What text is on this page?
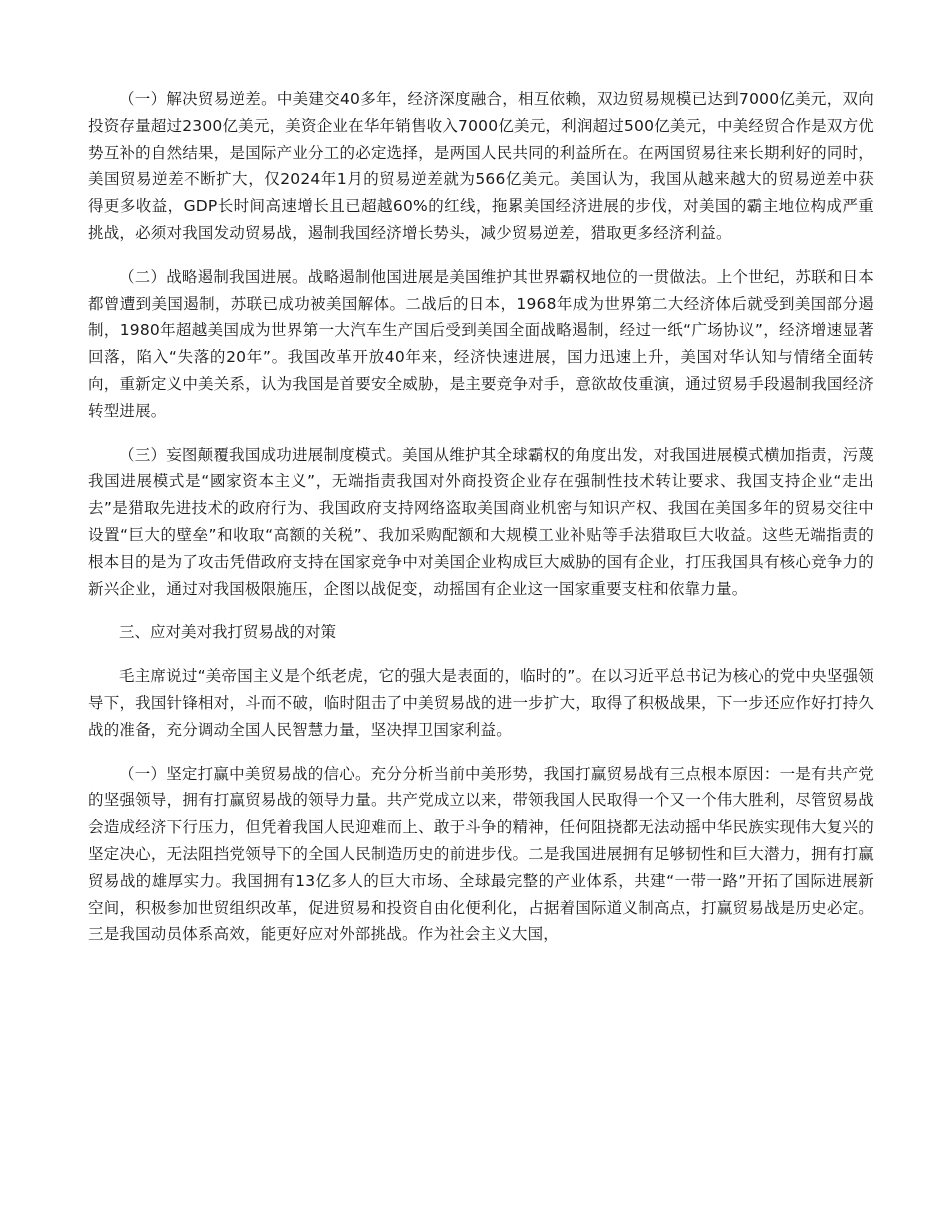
（一）解决贸易逆差。中美建交40多年，经济深度融合，相互依赖，双边贸易规模已达到7000亿美元，双向投资存量超过2300亿美元，美资企业在华年销售收入7000亿美元，利润超过500亿美元，中美经贸合作是双方优势互补的自然结果，是国际产业分工的必定选择，是两国人民共同的利益所在。在两国贸易往来长期利好的同时，美国贸易逆差不断扩大，仅2024年1月的贸易逆差就为566亿美元。美国认为，我国从越来越大的贸易逆差中获得更多收益，GDP长时间高速增长且已超越60%的红线，拖累美国经济进展的步伐，对美国的霸主地位构成严重挑战，必须对我国发动贸易战，遏制我国经济增长势头，减少贸易逆差，猎取更多经济利益。

（二）战略遏制我国进展。战略遏制他国进展是美国维护其世界霸权地位的一贯做法。上个世纪，苏联和日本都曾遭到美国遏制，苏联已成功被美国解体。二战后的日本，1968年成为世界第二大经济体后就受到美国部分遏制，1980年超越美国成为世界第一大汽车生产国后受到美国全面战略遏制，经过一纸“广场协议”，经济增速显著回落，陷入“失落的20年”。我国改革开放40年来，经济快速进展，国力迅速上升，美国对华认知与情绪全面转向，重新定义中美关系，认为我国是首要安全威胁，是主要竞争对手，意欲故伎重演，通过贸易手段遏制我国经济转型进展。

（三）妄图颠覆我国成功进展制度模式。美国从维护其全球霸权的角度出发，对我国进展模式横加指责，污蔑我国进展模式是“國家资本主义”，无端指责我国对外商投资企业存在强制性技术转让要求、我国支持企业“走出去”是猎取先进技术的政府行为、我国政府支持网络盗取美国商业机密与知识产权、我国在美国多年的贸易交往中设置“巨大的壁垒”和收取“高额的关税”、我加采购配额和大规模工业补贴等手法猎取巨大收益。这些无端指责的根本目的是为了攻击凭借政府支持在国家竞争中对美国企业构成巨大威胁的国有企业，打压我国具有核心竞争力的新兴企业，通过对我国极限施压，企图以战促变，动摇国有企业这一国家重要支柱和依靠力量。

三、应对美对我打贸易战的对策

毛主席说过“美帝国主义是个纸老虎，它的强大是表面的，临时的”。在以习近平总书记为核心的党中央坚强领导下，我国针锋相对，斗而不破，临时阻击了中美贸易战的进一步扩大，取得了积极战果，下一步还应作好打持久战的准备，充分调动全国人民智慧力量，坚决捍卫国家利益。

（一）坚定打赢中美贸易战的信心。充分分析当前中美形势，我国打赢贸易战有三点根本原因：一是有共产党的坚强领导，拥有打赢贸易战的领导力量。共产党成立以来，带领我国人民取得一个又一个伟大胜利，尽管贸易战会造成经济下行压力，但凭着我国人民迎难而上、敢于斗争的精神，任何阻挠都无法动摇中华民族实现伟大复兴的坚定决心，无法阻挡党领导下的全国人民制造历史的前进步伐。二是我国进展拥有足够韧性和巨大潜力，拥有打赢贸易战的雄厚实力。我国拥有13亿多人的巨大市场、全球最完整的产业体系，共建“一带一路”开拓了国际进展新空间，积极参加世贸组织改革，促进贸易和投资自由化便利化，占据着国际道义制高点，打赢贸易战是历史必定。三是我国动员体系高效，能更好应对外部挑战。作为社会主义大国，
